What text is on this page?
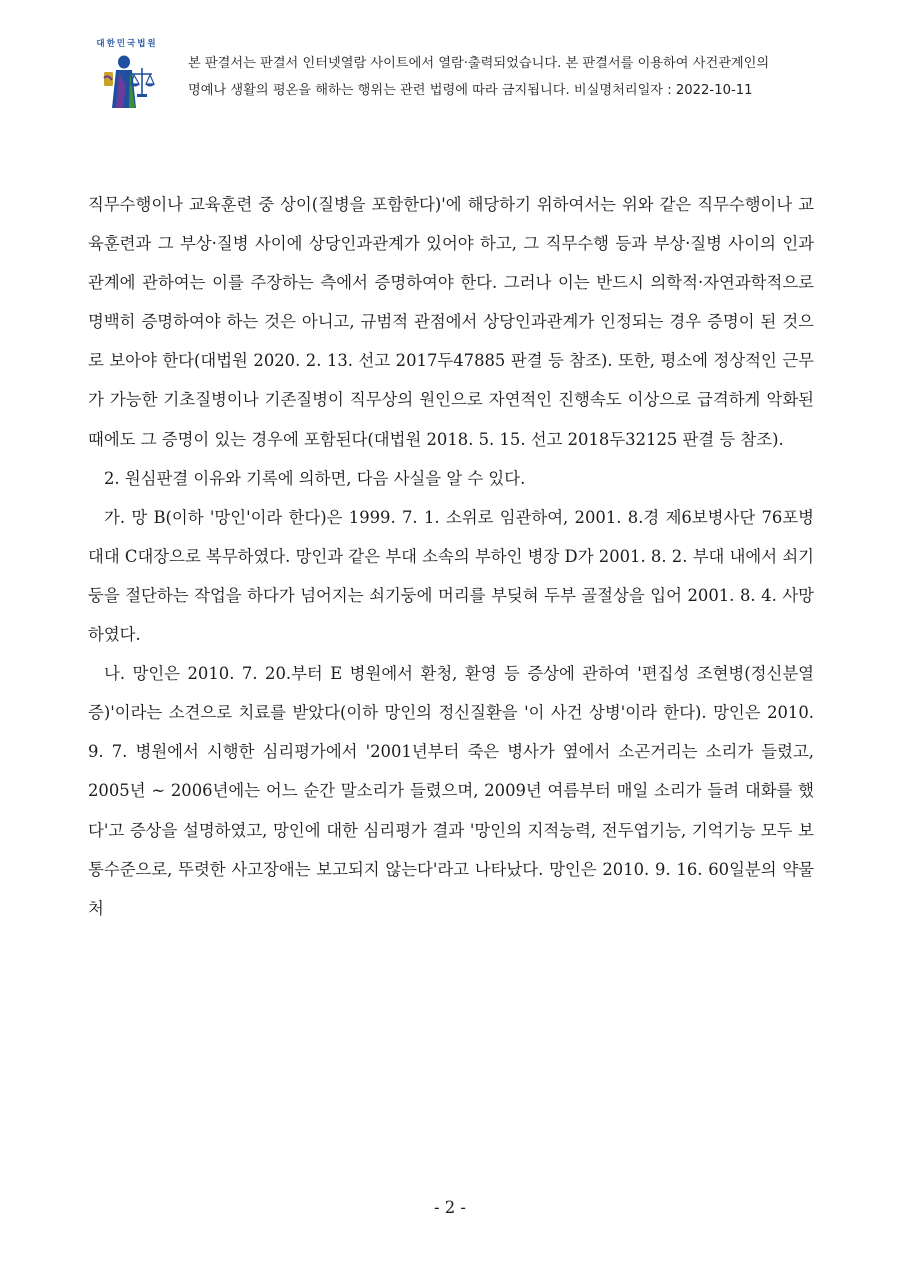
대한민국법원
본 판결서는 판결서 인터넷열람 사이트에서 열람·출력되었습니다. 본 판결서를 이용하여 사건관계인의
명예나 생활의 평온을 해하는 행위는 관련 법령에 따라 금지됩니다. 비실명처리일자 : 2022-10-11

직무수행이나 교육훈련 중 상이(질병을 포함한다)'에 해당하기 위하여서는 위와 같은 직무수행이나 교육훈련과 그 부상·질병 사이에 상당인과관계가 있어야 하고, 그 직무수행 등과 부상·질병 사이의 인과관계에 관하여는 이를 주장하는 측에서 증명하여야 한다. 그러나 이는 반드시 의학적·자연과학적으로 명백히 증명하여야 하는 것은 아니고, 규범적 관점에서 상당인과관계가 인정되는 경우 증명이 된 것으로 보아야 한다(대법원 2020. 2. 13. 선고 2017두47885 판결 등 참조). 또한, 평소에 정상적인 근무가 가능한 기초질병이나 기존질병이 직무상의 원인으로 자연적인 진행속도 이상으로 급격하게 악화된 때에도 그 증명이 있는 경우에 포함된다(대법원 2018. 5. 15. 선고 2018두32125 판결 등 참조).

2. 원심판결 이유와 기록에 의하면, 다음 사실을 알 수 있다.

가. 망 B(이하 '망인'이라 한다)은 1999. 7. 1. 소위로 임관하여, 2001. 8.경 제6보병사단 76포병대대 C대장으로 복무하였다. 망인과 같은 부대 소속의 부하인 병장 D가 2001. 8. 2. 부대 내에서 쇠기둥을 절단하는 작업을 하다가 넘어지는 쇠기둥에 머리를 부딪혀 두부 골절상을 입어 2001. 8. 4. 사망하였다.

나. 망인은 2010. 7. 20.부터 E 병원에서 환청, 환영 등 증상에 관하여 '편집성 조현병(정신분열증)'이라는 소견으로 치료를 받았다(이하 망인의 정신질환을 '이 사건 상병'이라 한다). 망인은 2010. 9. 7. 병원에서 시행한 심리평가에서 '2001년부터 죽은 병사가 옆에서 소곤거리는 소리가 들렸고, 2005년 ~ 2006년에는 어느 순간 말소리가 들렸으며, 2009년 여름부터 매일 소리가 들려 대화를 했다'고 증상을 설명하였고, 망인에 대한 심리평가 결과 '망인의 지적능력, 전두엽기능, 기억기능 모두 보통수준으로, 뚜렷한 사고장애는 보고되지 않는다'라고 나타났다. 망인은 2010. 9. 16. 60일분의 약물처

- 2 -
